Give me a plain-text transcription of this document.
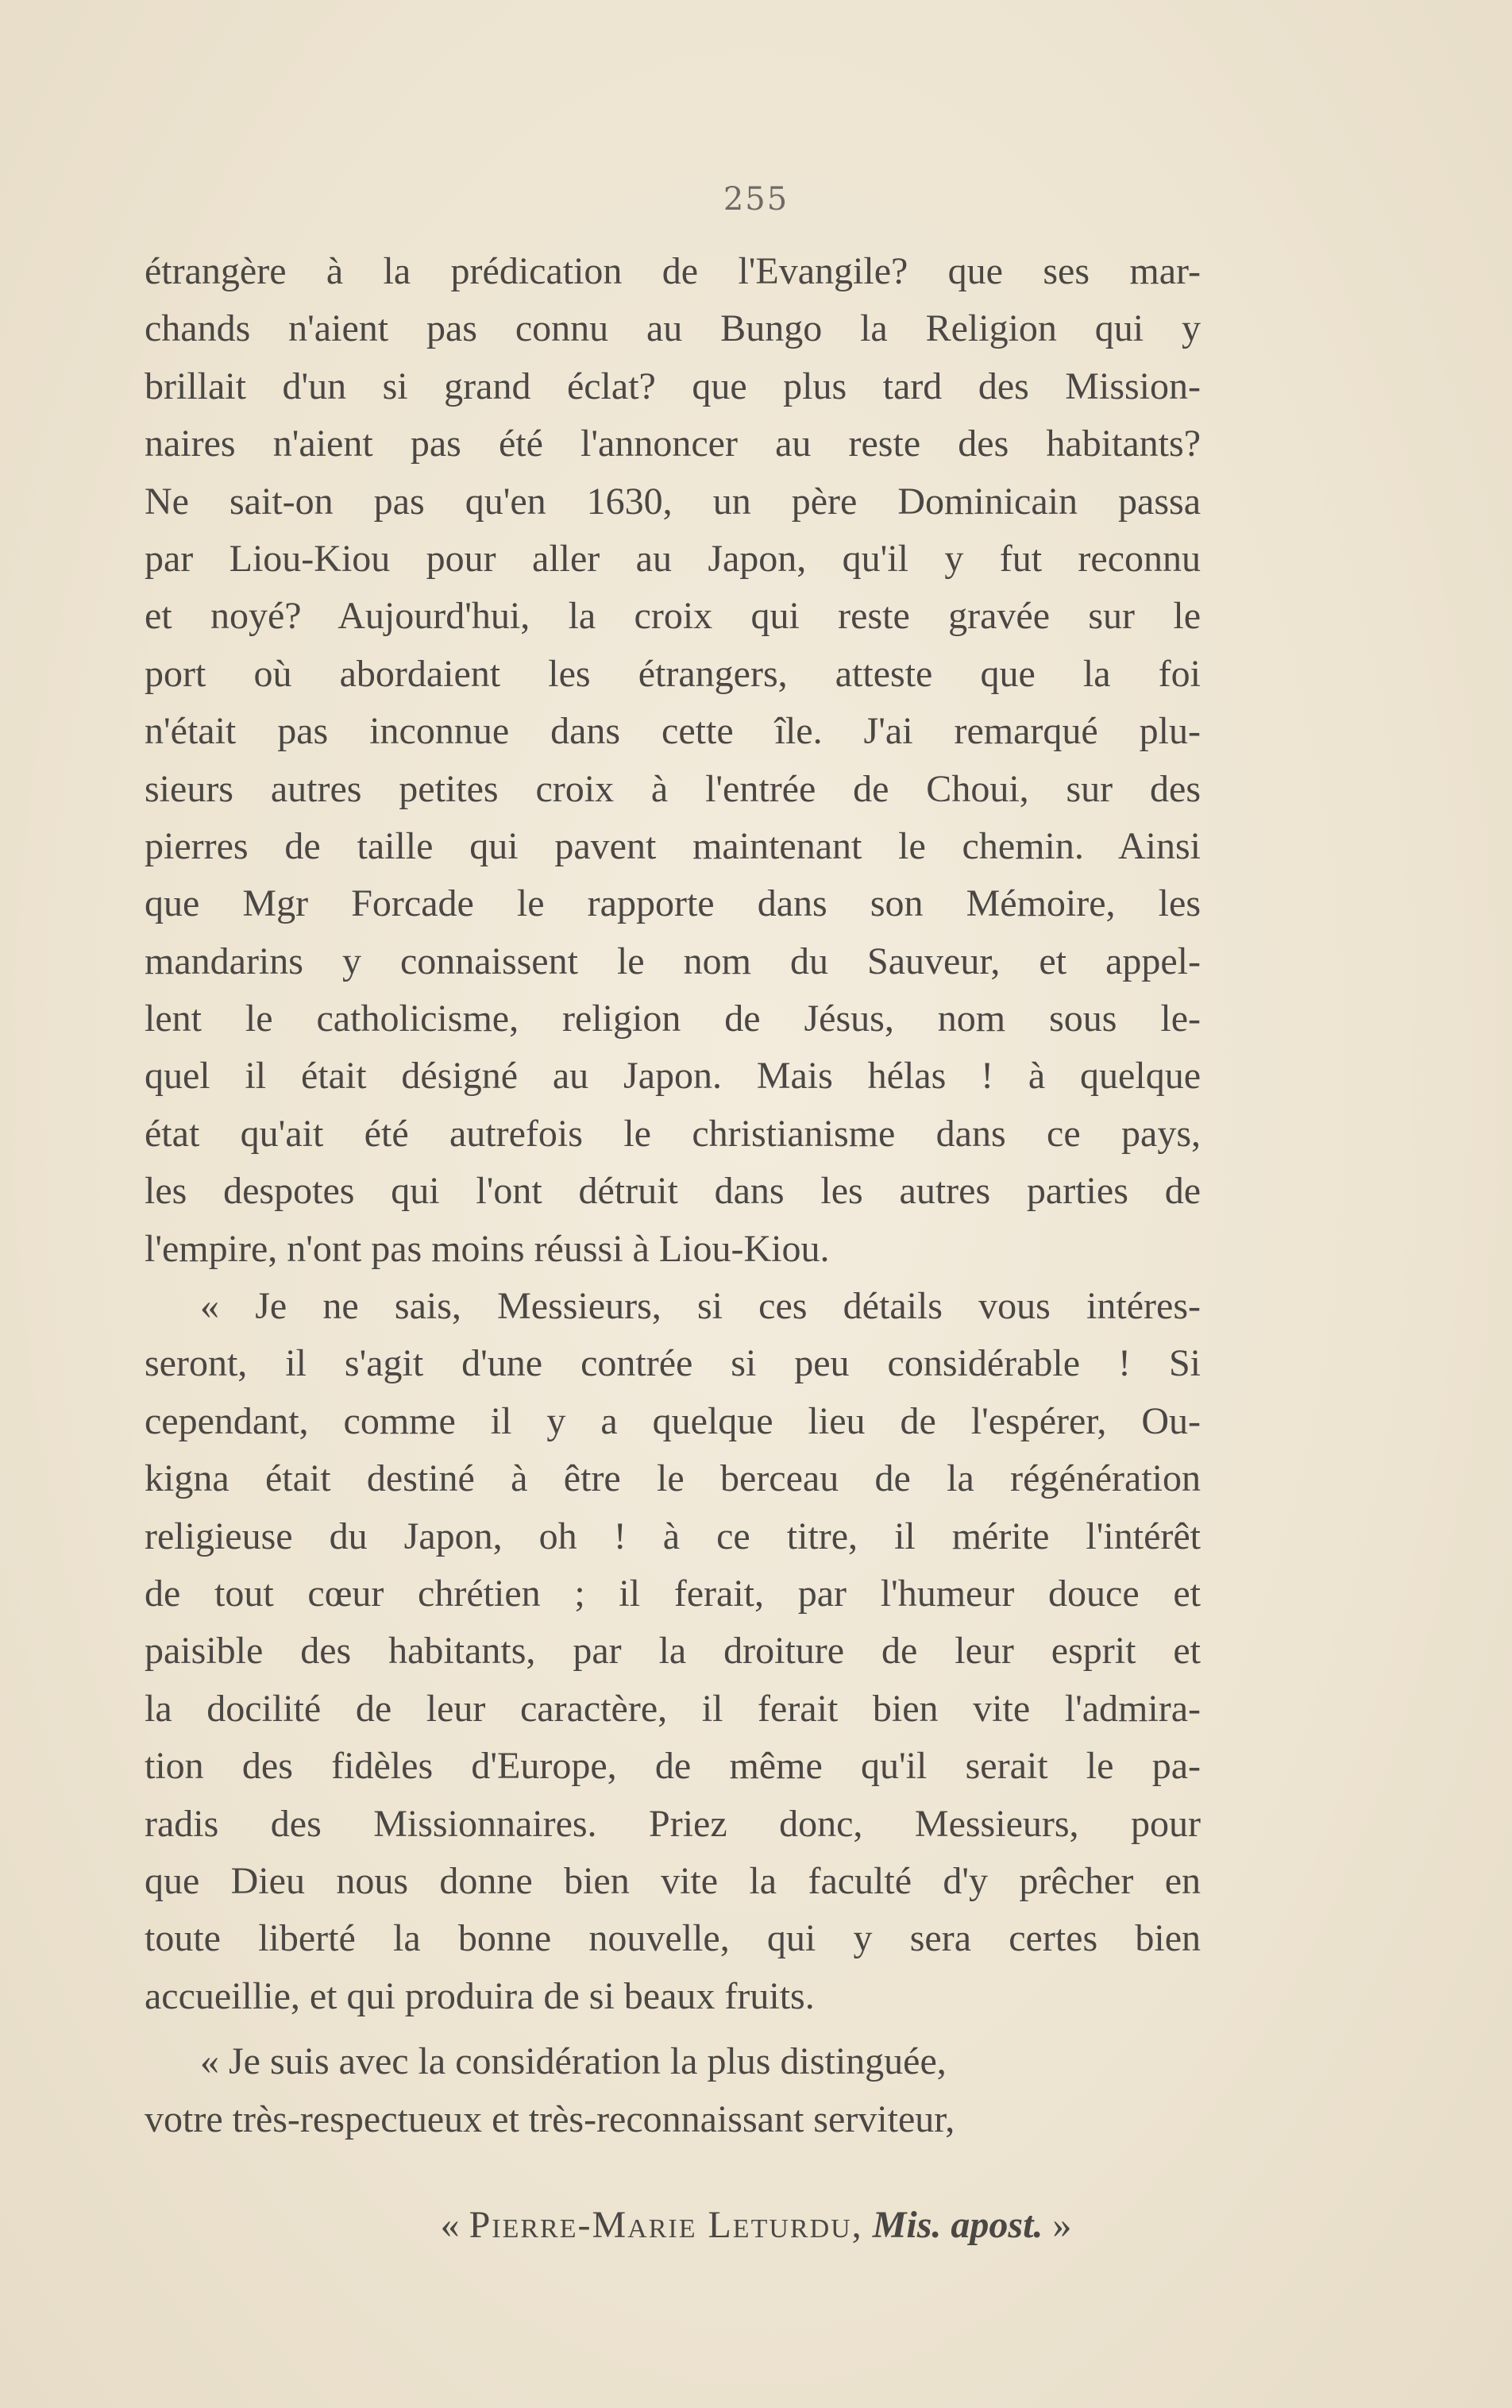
255
étrangère à la prédication de l'Evangile? que ses mar-
chands n'aient pas connu au Bungo la Religion qui y
brillait d'un si grand éclat? que plus tard des Mission-
naires n'aient pas été l'annoncer au reste des habitants?
Ne sait-on pas qu'en 1630, un père Dominicain passa
par Liou-Kiou pour aller au Japon, qu'il y fut reconnu
et noyé? Aujourd'hui, la croix qui reste gravée sur le
port où abordaient les étrangers, atteste que la foi
n'était pas inconnue dans cette île. J'ai remarqué plu-
sieurs autres petites croix à l'entrée de Choui, sur des
pierres de taille qui pavent maintenant le chemin. Ainsi
que Mgr Forcade le rapporte dans son Mémoire, les
mandarins y connaissent le nom du Sauveur, et appel-
lent le catholicisme, religion de Jésus, nom sous le-
quel il était désigné au Japon. Mais hélas ! à quelque
état qu'ait été autrefois le christianisme dans ce pays,
les despotes qui l'ont détruit dans les autres parties de
l'empire, n'ont pas moins réussi à Liou-Kiou.
« Je ne sais, Messieurs, si ces détails vous intéres-
seront, il s'agit d'une contrée si peu considérable ! Si
cependant, comme il y a quelque lieu de l'espérer, Ou-
kigna était destiné à être le berceau de la régénération
religieuse du Japon, oh ! à ce titre, il mérite l'intérêt
de tout cœur chrétien ; il ferait, par l'humeur douce et
paisible des habitants, par la droiture de leur esprit et
la docilité de leur caractère, il ferait bien vite l'admira-
tion des fidèles d'Europe, de même qu'il serait le pa-
radis des Missionnaires. Priez donc, Messieurs, pour
que Dieu nous donne bien vite la faculté d'y prêcher en
toute liberté la bonne nouvelle, qui y sera certes bien
accueillie, et qui produira de si beaux fruits.
« Je suis avec la considération la plus distinguée,
votre très-respectueux et très-reconnaissant serviteur,
« Pierre-Marie Leturdu, Mis. apost. »
